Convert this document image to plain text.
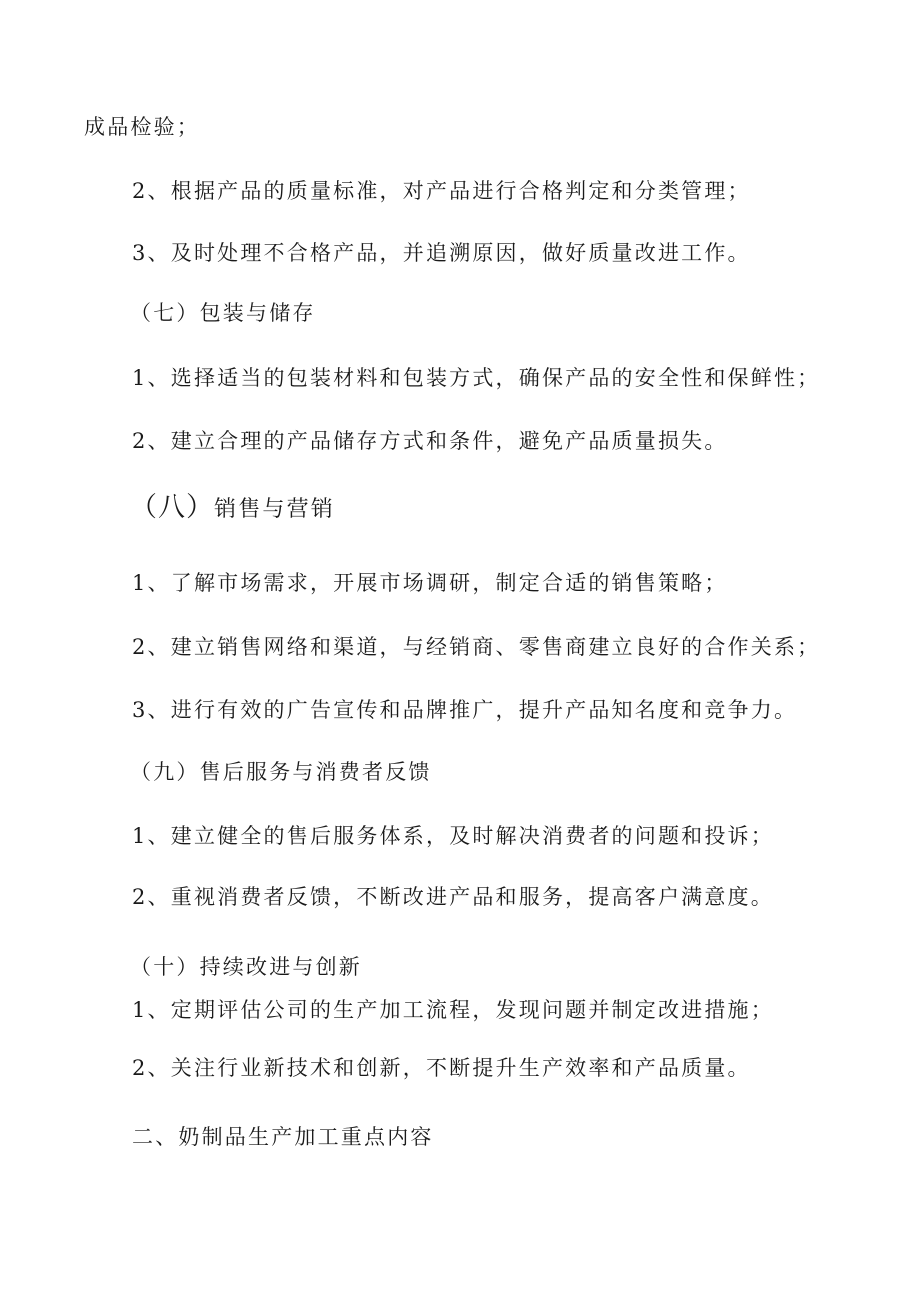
成品检验；
2、根据产品的质量标准，对产品进行合格判定和分类管理；
3、及时处理不合格产品，并追溯原因，做好质量改进工作。
（七）包装与储存
1、选择适当的包装材料和包装方式，确保产品的安全性和保鲜性；
2、建立合理的产品储存方式和条件，避免产品质量损失。
（八）销售与营销
1、了解市场需求，开展市场调研，制定合适的销售策略；
2、建立销售网络和渠道，与经销商、零售商建立良好的合作关系；
3、进行有效的广告宣传和品牌推广，提升产品知名度和竞争力。
（九）售后服务与消费者反馈
1、建立健全的售后服务体系，及时解决消费者的问题和投诉；
2、重视消费者反馈，不断改进产品和服务，提高客户满意度。
（十）持续改进与创新
1、定期评估公司的生产加工流程，发现问题并制定改进措施；
2、关注行业新技术和创新，不断提升生产效率和产品质量。
二、奶制品生产加工重点内容
